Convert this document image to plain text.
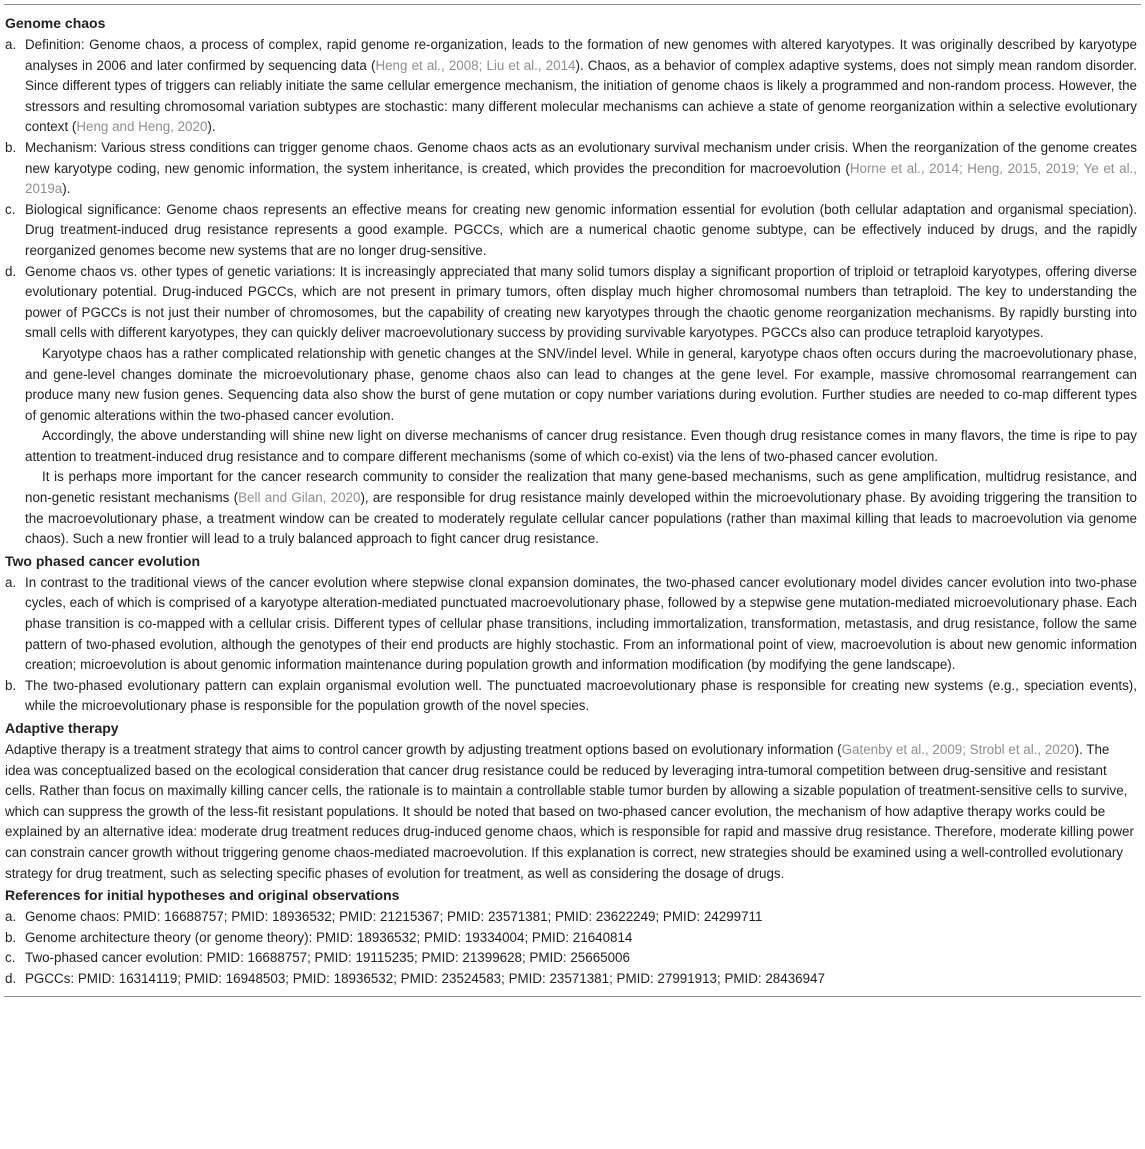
Genome chaos
a. Definition: Genome chaos, a process of complex, rapid genome re-organization, leads to the formation of new genomes with altered karyotypes. It was originally described by karyotype analyses in 2006 and later confirmed by sequencing data (Heng et al., 2008; Liu et al., 2014). Chaos, as a behavior of complex adaptive systems, does not simply mean random disorder. Since different types of triggers can reliably initiate the same cellular emergence mechanism, the initiation of genome chaos is likely a programmed and non-random process. However, the stressors and resulting chromosomal variation subtypes are stochastic: many different molecular mechanisms can achieve a state of genome reorganization within a selective evolutionary context (Heng and Heng, 2020).
b. Mechanism: Various stress conditions can trigger genome chaos. Genome chaos acts as an evolutionary survival mechanism under crisis. When the reorganization of the genome creates new karyotype coding, new genomic information, the system inheritance, is created, which provides the precondition for macroevolution (Horne et al., 2014; Heng, 2015, 2019; Ye et al., 2019a).
c. Biological significance: Genome chaos represents an effective means for creating new genomic information essential for evolution (both cellular adaptation and organismal speciation). Drug treatment-induced drug resistance represents a good example. PGCCs, which are a numerical chaotic genome subtype, can be effectively induced by drugs, and the rapidly reorganized genomes become new systems that are no longer drug-sensitive.
d. Genome chaos vs. other types of genetic variations: It is increasingly appreciated that many solid tumors display a significant proportion of triploid or tetraploid karyotypes, offering diverse evolutionary potential. Drug-induced PGCCs, which are not present in primary tumors, often display much higher chromosomal numbers than tetraploid. The key to understanding the power of PGCCs is not just their number of chromosomes, but the capability of creating new karyotypes through the chaotic genome reorganization mechanisms. By rapidly bursting into small cells with different karyotypes, they can quickly deliver macroevolutionary success by providing survivable karyotypes. PGCCs also can produce tetraploid karyotypes.

Karyotype chaos has a rather complicated relationship with genetic changes at the SNV/indel level. While in general, karyotype chaos often occurs during the macroevolutionary phase, and gene-level changes dominate the microevolutionary phase, genome chaos also can lead to changes at the gene level. For example, massive chromosomal rearrangement can produce many new fusion genes. Sequencing data also show the burst of gene mutation or copy number variations during evolution. Further studies are needed to co-map different types of genomic alterations within the two-phased cancer evolution.

Accordingly, the above understanding will shine new light on diverse mechanisms of cancer drug resistance. Even though drug resistance comes in many flavors, the time is ripe to pay attention to treatment-induced drug resistance and to compare different mechanisms (some of which co-exist) via the lens of two-phased cancer evolution.

It is perhaps more important for the cancer research community to consider the realization that many gene-based mechanisms, such as gene amplification, multidrug resistance, and non-genetic resistant mechanisms (Bell and Gilan, 2020), are responsible for drug resistance mainly developed within the microevolutionary phase. By avoiding triggering the transition to the macroevolutionary phase, a treatment window can be created to moderately regulate cellular cancer populations (rather than maximal killing that leads to macroevolution via genome chaos). Such a new frontier will lead to a truly balanced approach to fight cancer drug resistance.

Two phased cancer evolution
a. In contrast to the traditional views of the cancer evolution where stepwise clonal expansion dominates, the two-phased cancer evolutionary model divides cancer evolution into two-phase cycles, each of which is comprised of a karyotype alteration-mediated punctuated macroevolutionary phase, followed by a stepwise gene mutation-mediated microevolutionary phase. Each phase transition is co-mapped with a cellular crisis. Different types of cellular phase transitions, including immortalization, transformation, metastasis, and drug resistance, follow the same pattern of two-phased evolution, although the genotypes of their end products are highly stochastic. From an informational point of view, macroevolution is about new genomic information creation; microevolution is about genomic information maintenance during population growth and information modification (by modifying the gene landscape).
b. The two-phased evolutionary pattern can explain organismal evolution well. The punctuated macroevolutionary phase is responsible for creating new systems (e.g., speciation events), while the microevolutionary phase is responsible for the population growth of the novel species.
Adaptive therapy

Adaptive therapy is a treatment strategy that aims to control cancer growth by adjusting treatment options based on evolutionary information (Gatenby et al., 2009; Strobl et al., 2020). The idea was conceptualized based on the ecological consideration that cancer drug resistance could be reduced by leveraging intra-tumoral competition between drug-sensitive and resistant cells. Rather than focus on maximally killing cancer cells, the rationale is to maintain a controllable stable tumor burden by allowing a sizable population of treatment-sensitive cells to survive, which can suppress the growth of the less-fit resistant populations. It should be noted that based on two-phased cancer evolution, the mechanism of how adaptive therapy works could be explained by an alternative idea: moderate drug treatment reduces drug-induced genome chaos, which is responsible for rapid and massive drug resistance. Therefore, moderate killing power can constrain cancer growth without triggering genome chaos-mediated macroevolution. If this explanation is correct, new strategies should be examined using a well-controlled evolutionary strategy for drug treatment, such as selecting specific phases of evolution for treatment, as well as considering the dosage of drugs.

References for initial hypotheses and original observations
a. Genome chaos: PMID: 16688757; PMID: 18936532; PMID: 21215367; PMID: 23571381; PMID: 23622249; PMID: 24299711
b. Genome architecture theory (or genome theory): PMID: 18936532; PMID: 19334004; PMID: 21640814
c. Two-phased cancer evolution: PMID: 16688757; PMID: 19115235; PMID: 21399628; PMID: 25665006
d. PGCCs: PMID: 16314119; PMID: 16948503; PMID: 18936532; PMID: 23524583; PMID: 23571381; PMID: 27991913; PMID: 28436947
